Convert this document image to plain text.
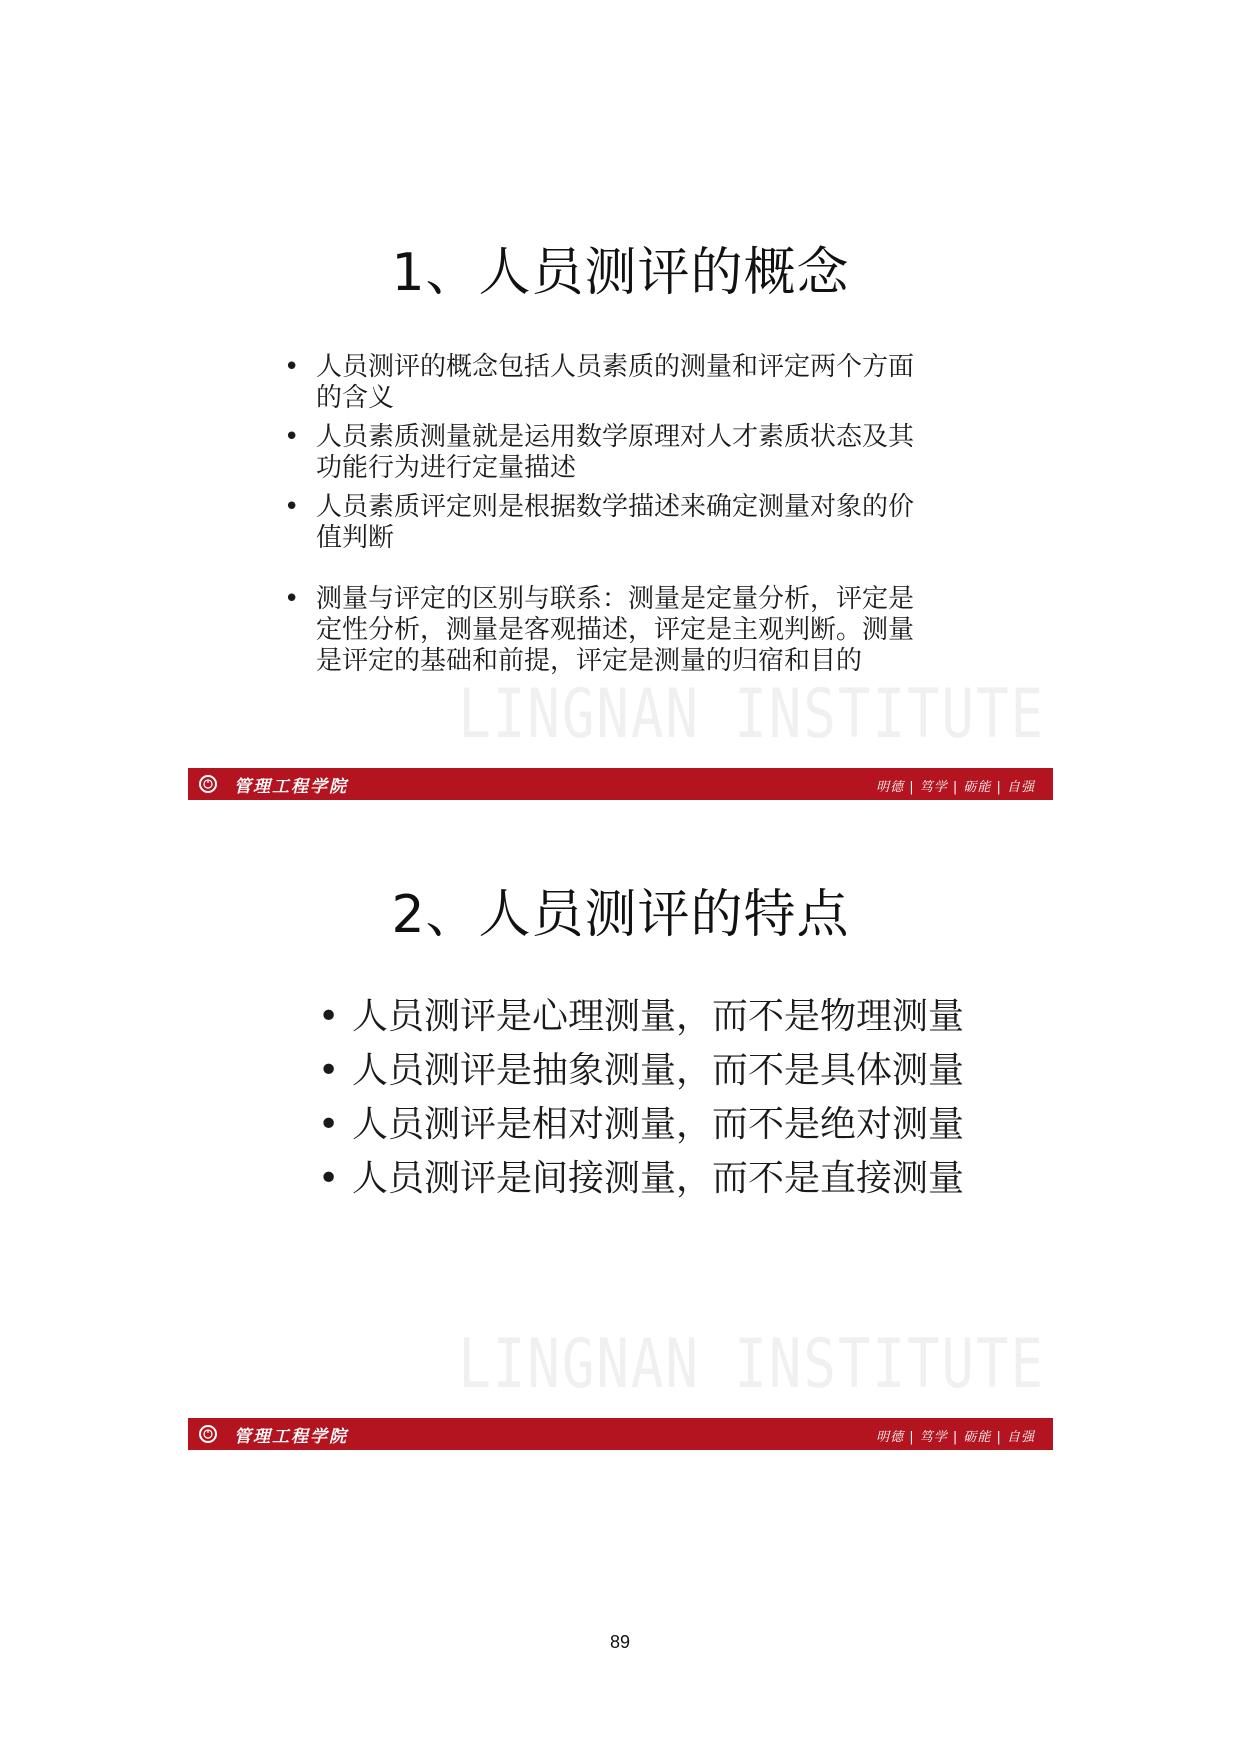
1、人员测评的概念
• 人员测评的概念包括人员素质的测量和评定两个方面的含义
• 人员素质测量就是运用数学原理对人才素质状态及其功能行为进行定量描述
• 人员素质评定则是根据数学描述来确定测量对象的价值判断
• 测量与评定的区别与联系：测量是定量分析，评定是定性分析，测量是客观描述，评定是主观判断。测量是评定的基础和前提，评定是测量的归宿和目的
LINGNAN INSTITUTE
管理工程学院	明德 | 笃学 | 砺能 | 自强
2、人员测评的特点
• 人员测评是心理测量，而不是物理测量
• 人员测评是抽象测量，而不是具体测量
• 人员测评是相对测量，而不是绝对测量
• 人员测评是间接测量，而不是直接测量
LINGNAN INSTITUTE
管理工程学院	明德 | 笃学 | 砺能 | 自强
89
